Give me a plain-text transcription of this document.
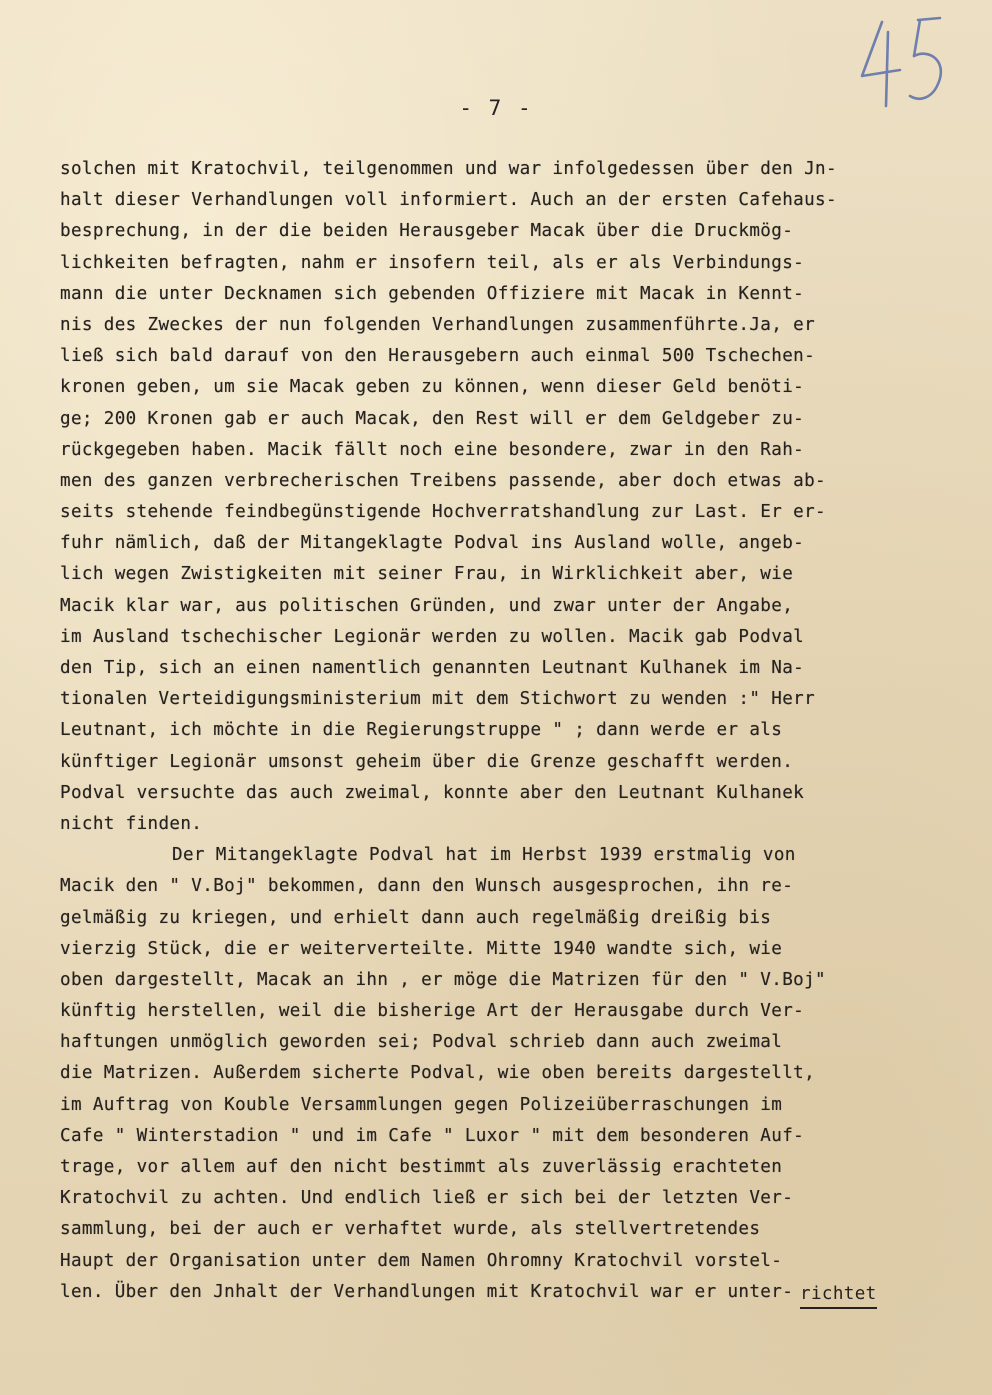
- 7 -
solchen mit Kratochvil, teilgenommen und war infolgedessen über den Jn-
halt dieser Verhandlungen voll informiert. Auch an der ersten Cafehaus-
besprechung, in der die beiden Herausgeber Macak über die Druckmög-
lichkeiten befragten, nahm er insofern teil, als er als Verbindungs-
mann die unter Decknamen sich gebenden Offiziere mit Macak in Kennt-
nis des Zweckes der nun folgenden Verhandlungen zusammenführte.Ja, er
ließ sich bald darauf von den Herausgebern auch einmal 500 Tschechen-
kronen geben, um sie Macak geben zu können, wenn dieser Geld benöti-
ge; 200 Kronen gab er auch Macak, den Rest will er dem Geldgeber zu-
rückgegeben haben. Macik fällt noch eine besondere, zwar in den Rah-
men des ganzen verbrecherischen Treibens passende, aber doch etwas ab-
seits stehende feindbegünstigende Hochverratshandlung zur Last. Er er-
fuhr nämlich, daß der Mitangeklagte Podval ins Ausland wolle, angeb-
lich wegen Zwistigkeiten mit seiner Frau, in Wirklichkeit aber, wie
Macik klar war, aus politischen Gründen, und zwar unter der Angabe,
im Ausland tschechischer Legionär werden zu wollen. Macik gab Podval
den Tip, sich an einen namentlich genannten Leutnant Kulhanek im Na-
tionalen Verteidigungsministerium mit dem Stichwort zu wenden :" Herr
Leutnant, ich möchte in die Regierungstruppe " ; dann werde er als
künftiger Legionär umsonst geheim über die Grenze geschafft werden.
Podval versuchte das auch zweimal, konnte aber den Leutnant Kulhanek
nicht finden.
Der Mitangeklagte Podval hat im Herbst 1939 erstmalig von
Macik den " V.Boj" bekommen, dann den Wunsch ausgesprochen, ihn re-
gelmäßig zu kriegen, und erhielt dann auch regelmäßig dreißig bis
vierzig Stück, die er weiterverteilte. Mitte 1940 wandte sich, wie
oben dargestellt, Macak an ihn , er möge die Matrizen für den " V.Boj"
künftig herstellen, weil die bisherige Art der Herausgabe durch Ver-
haftungen unmöglich geworden sei; Podval schrieb dann auch zweimal
die Matrizen. Außerdem sicherte Podval, wie oben bereits dargestellt,
im Auftrag von Kouble Versammlungen gegen Polizeiüberraschungen im
Cafe " Winterstadion " und im Cafe " Luxor " mit dem besonderen Auf-
trage, vor allem auf den nicht bestimmt als zuverlässig erachteten
Kratochvil zu achten. Und endlich ließ er sich bei der letzten Ver-
sammlung, bei der auch er verhaftet wurde, als stellvertretendes
Haupt der Organisation unter dem Namen Ohromny Kratochvil vorstel-
len. Über den Jnhalt der Verhandlungen mit Kratochvil war er unter- richtet
